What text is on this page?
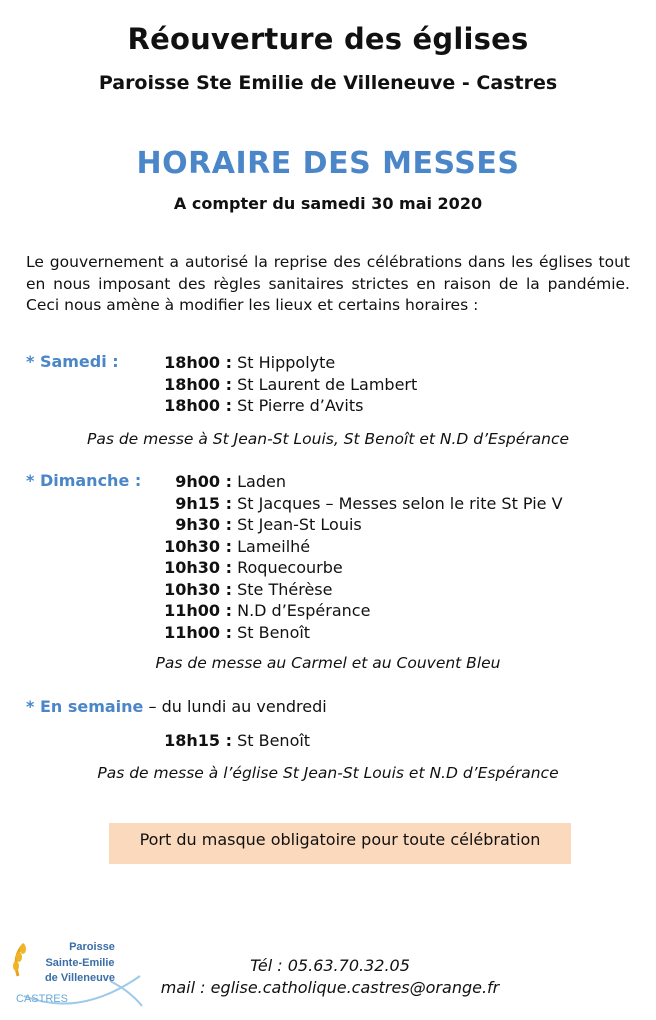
Réouverture des églises
Paroisse Ste Emilie de Villeneuve - Castres
HORAIRE DES MESSES
A compter du samedi 30 mai 2020
Le gouvernement a autorisé la reprise des célébrations dans les églises tout en nous imposant des règles sanitaires strictes en raison de la pandémie. Ceci nous amène à modifier les lieux et certains horaires :
* Samedi :	18h00 : St Hippolyte
18h00 : St Laurent de Lambert
18h00 : St Pierre d’Avits
Pas de messe à St Jean-St Louis, St Benoît et N.D d’Espérance
* Dimanche :	9h00 : Laden
9h15 : St Jacques – Messes selon le rite St Pie V
9h30 : St Jean-St Louis
10h30 : Lameilhé
10h30 : Roquecourbe
10h30 : Ste Thérèse
11h00 : N.D d’Espérance
11h00 : St Benoît
Pas de messe au Carmel et au Couvent Bleu
* En semaine – du lundi au vendredi
18h15 : St Benoît
Pas de messe à l’église St Jean-St Louis et N.D d’Espérance
Port du masque obligatoire pour toute célébration
Paroisse
Sainte-Emilie
de Villeneuve
CASTRES
Tél : 05.63.70.32.05
mail : eglise.catholique.castres@orange.fr
